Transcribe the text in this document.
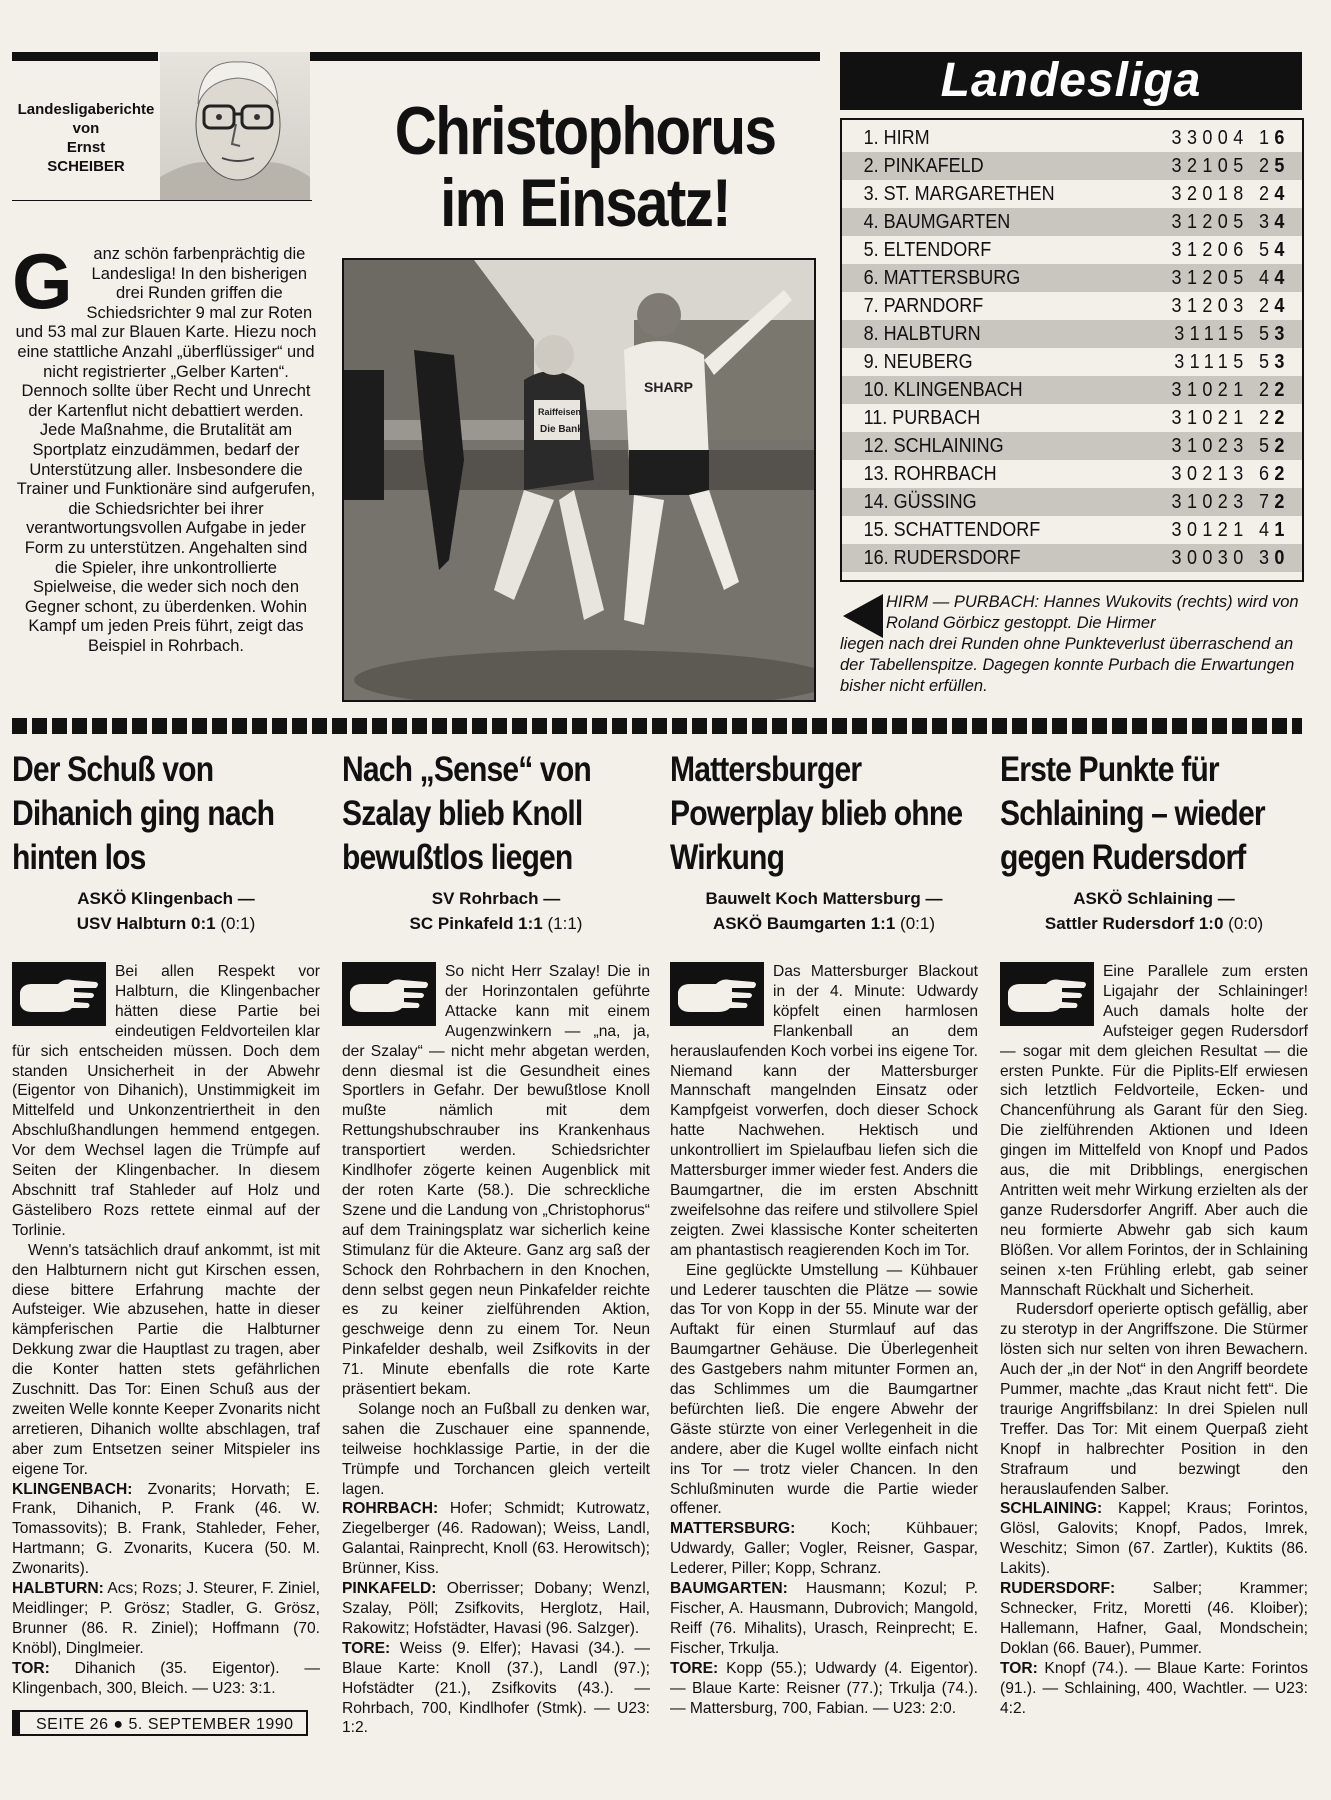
Landesligaberichte
von
Ernst
SCHEIBER	Christophorus
im Einsatz!
G anz schön farbenprächtig die Landesliga! In den bisherigen drei Runden griffen die Schiedsrichter 9 mal zur Roten und 53 mal zur Blauen Karte. Hiezu noch eine stattliche Anzahl „überflüssiger“ und nicht registrierter „Gelber Karten“. Dennoch sollte über Recht und Unrecht der Kartenflut nicht debattiert werden. Jede Maßnahme, die Brutalität am Sportplatz einzudämmen, bedarf der Unterstützung aller. Insbesondere die Trainer und Funktionäre sind aufgerufen, die Schiedsrichter bei ihrer verantwortungsvollen Aufgabe in jeder Form zu unterstützen. Angehalten sind die Spieler, ihre unkontrollierte Spielweise, die weder sich noch den Gegner schont, zu überdenken. Wohin Kampf um jeden Preis führt, zeigt das Beispiel in Rohrbach.
SHARP
Raiffeisen
Die Bank
Landesliga
1. HIRM	33004 16
2. PINKAFELD	32105 25
3. ST. MARGARETHEN	32018 24
4. BAUMGARTEN	31205 34
5. ELTENDORF	31206 54
6. MATTERSBURG	31205 44
7. PARNDORF	31203 24
8. HALBTURN	31115 53
9. NEUBERG	31115 53
10. KLINGENBACH	31021 22
11. PURBACH	31021 22
12. SCHLAINING	31023 52
13. ROHRBACH	30213 62
14. GÜSSING	31023 72
15. SCHATTENDORF	30121 41
16. RUDERSDORF	30030 30
HIRM — PURBACH: Hannes Wukovits (rechts) wird von Roland Görbicz gestoppt. Die Hirmer
liegen nach drei Runden ohne Punkteverlust überraschend an der Tabellenspitze. Dagegen konnte Purbach die Erwartungen bisher nicht erfüllen.
Der Schuß von Dihanich ging nach hinten los
ASKÖ Klingenbach —
USV Halbturn 0:1 (0:1)

Bei allen Respekt vor Halbturn, die Klingenbacher hätten diese Partie bei eindeutigen Feldvorteilen klar für sich entscheiden müssen. Doch dem standen Unsicherheit in der Abwehr (Eigentor von Dihanich), Unstimmigkeit im Mittelfeld und Unkonzentriertheit in den Abschlußhandlungen hemmend entgegen. Vor dem Wechsel lagen die Trümpfe auf Seiten der Klingenbacher. In diesem Abschnitt traf Stahleder auf Holz und Gästelibero Rozs rettete einmal auf der Torlinie.

Wenn's tatsächlich drauf ankommt, ist mit den Halbturnern nicht gut Kirschen essen, diese bittere Erfahrung machte der Aufsteiger. Wie abzusehen, hatte in dieser kämpferischen Partie die Halbturner Dekkung zwar die Hauptlast zu tragen, aber die Konter hatten stets gefährlichen Zuschnitt. Das Tor: Einen Schuß aus der zweiten Welle konnte Keeper Zvonarits nicht arretieren, Dihanich wollte abschlagen, traf aber zum Entsetzen seiner Mitspieler ins eigene Tor.

KLINGENBACH: Zvonarits; Horvath; E. Frank, Dihanich, P. Frank (46. W. Tomassovits); B. Frank, Stahleder, Feher, Hartmann; G. Zvonarits, Kucera (50. M. Zwonarits).

HALBTURN: Acs; Rozs; J. Steurer, F. Ziniel, Meidlinger; P. Grösz; Stadler, G. Grösz, Brunner (86. R. Ziniel); Hoffmann (70. Knöbl), Dinglmeier.

TOR: Dihanich (35. Eigentor). — Klingenbach, 300, Bleich. — U23: 3:1.

Nach „Sense“ von Szalay blieb Knoll bewußtlos liegen
SV Rohrbach —
SC Pinkafeld 1:1 (1:1)

So nicht Herr Szalay! Die in der Horinzontalen geführte Attacke kann mit einem Augenzwinkern — „na, ja, der Szalay“ — nicht mehr abgetan werden, denn diesmal ist die Gesundheit eines Sportlers in Gefahr. Der bewußtlose Knoll mußte nämlich mit dem Rettungshubschrauber ins Krankenhaus transportiert werden. Schiedsrichter Kindlhofer zögerte keinen Augenblick mit der roten Karte (58.). Die schreckliche Szene und die Landung von „Christophorus“ auf dem Trainingsplatz war sicherlich keine Stimulanz für die Akteure. Ganz arg saß der Schock den Rohrbachern in den Knochen, denn selbst gegen neun Pinkafelder reichte es zu keiner zielführenden Aktion, geschweige denn zu einem Tor. Neun Pinkafelder deshalb, weil Zsifkovits in der 71. Minute ebenfalls die rote Karte präsentiert bekam.

Solange noch an Fußball zu denken war, sahen die Zuschauer eine spannende, teilweise hochklassige Partie, in der die Trümpfe und Torchancen gleich verteilt lagen.

ROHRBACH: Hofer; Schmidt; Kutrowatz, Ziegelberger (46. Radowan); Weiss, Landl, Galantai, Rainprecht, Knoll (63. Herowitsch); Brünner, Kiss.

PINKAFELD: Oberrisser; Dobany; Wenzl, Szalay, Pöll; Zsifkovits, Herglotz, Hail, Rakowitz; Hofstädter, Havasi (96. Salzger).

TORE: Weiss (9. Elfer); Havasi (34.). — Blaue Karte: Knoll (37.), Landl (97.); Hofstädter (21.), Zsifkovits (43.). — Rohrbach, 700, Kindlhofer (Stmk). — U23: 1:2.

Mattersburger Powerplay blieb ohne Wirkung
Bauwelt Koch Mattersburg —
ASKÖ Baumgarten 1:1 (0:1)

Das Mattersburger Blackout in der 4. Minute: Udwardy köpfelt einen harmlosen Flankenball an dem herauslaufenden Koch vorbei ins eigene Tor. Niemand kann der Mattersburger Mannschaft mangelnden Einsatz oder Kampfgeist vorwerfen, doch dieser Schock hatte Nachwehen. Hektisch und unkontrolliert im Spielaufbau liefen sich die Mattersburger immer wieder fest. Anders die Baumgartner, die im ersten Abschnitt zweifelsohne das reifere und stilvollere Spiel zeigten. Zwei klassische Konter scheiterten am phantastisch reagierenden Koch im Tor.

Eine geglückte Umstellung — Kühbauer und Lederer tauschten die Plätze — sowie das Tor von Kopp in der 55. Minute war der Auftakt für einen Sturmlauf auf das Baumgartner Gehäuse. Die Überlegenheit des Gastgebers nahm mitunter Formen an, das Schlimmes um die Baumgartner befürchten ließ. Die engere Abwehr der Gäste stürzte von einer Verlegenheit in die andere, aber die Kugel wollte einfach nicht ins Tor — trotz vieler Chancen. In den Schlußminuten wurde die Partie wieder offener.

MATTERSBURG: Koch; Kühbauer; Udwardy, Galler; Vogler, Reisner, Gaspar, Lederer, Piller; Kopp, Schranz.

BAUMGARTEN: Hausmann; Kozul; P. Fischer, A. Hausmann, Dubrovich; Mangold, Reiff (76. Mihalits), Urasch, Reinprecht; E. Fischer, Trkulja.

TORE: Kopp (55.); Udwardy (4. Eigentor). — Blaue Karte: Reisner (77.); Trkulja (74.). — Mattersburg, 700, Fabian. — U23: 2:0.

Erste Punkte für Schlaining – wieder gegen Rudersdorf
ASKÖ Schlaining —
Sattler Rudersdorf 1:0 (0:0)

Eine Parallele zum ersten Ligajahr der Schlaininger! Auch damals holte der Aufsteiger gegen Rudersdorf — sogar mit dem gleichen Resultat — die ersten Punkte. Für die Piplits-Elf erwiesen sich letztlich Feldvorteile, Ecken- und Chancenführung als Garant für den Sieg. Die zielführenden Aktionen und Ideen gingen im Mittelfeld von Knopf und Pados aus, die mit Dribblings, energischen Antritten weit mehr Wirkung erzielten als der ganze Rudersdorfer Angriff. Aber auch die neu formierte Abwehr gab sich kaum Blößen. Vor allem Forintos, der in Schlaining seinen x-ten Frühling erlebt, gab seiner Mannschaft Rückhalt und Sicherheit.

Rudersdorf operierte optisch gefällig, aber zu sterotyp in der Angriffszone. Die Stürmer lösten sich nur selten von ihren Bewachern. Auch der „in der Not“ in den Angriff beordete Pummer, machte „das Kraut nicht fett“. Die traurige Angriffsbilanz: In drei Spielen null Treffer. Das Tor: Mit einem Querpaß zieht Knopf in halbrechter Position in den Strafraum und bezwingt den herauslaufenden Salber.

SCHLAINING: Kappel; Kraus; Forintos, Glösl, Galovits; Knopf, Pados, Imrek, Weschitz; Simon (67. Zartler), Kuktits (86. Lakits).

RUDERSDORF: Salber; Krammer; Schnecker, Fritz, Moretti (46. Kloiber); Hallemann, Hafner, Gaal, Mondschein; Doklan (66. Bauer), Pummer.

TOR: Knopf (74.). — Blaue Karte: Forintos (91.). — Schlaining, 400, Wachtler. — U23: 4:2.

SEITE 26 ● 5. SEPTEMBER 1990
